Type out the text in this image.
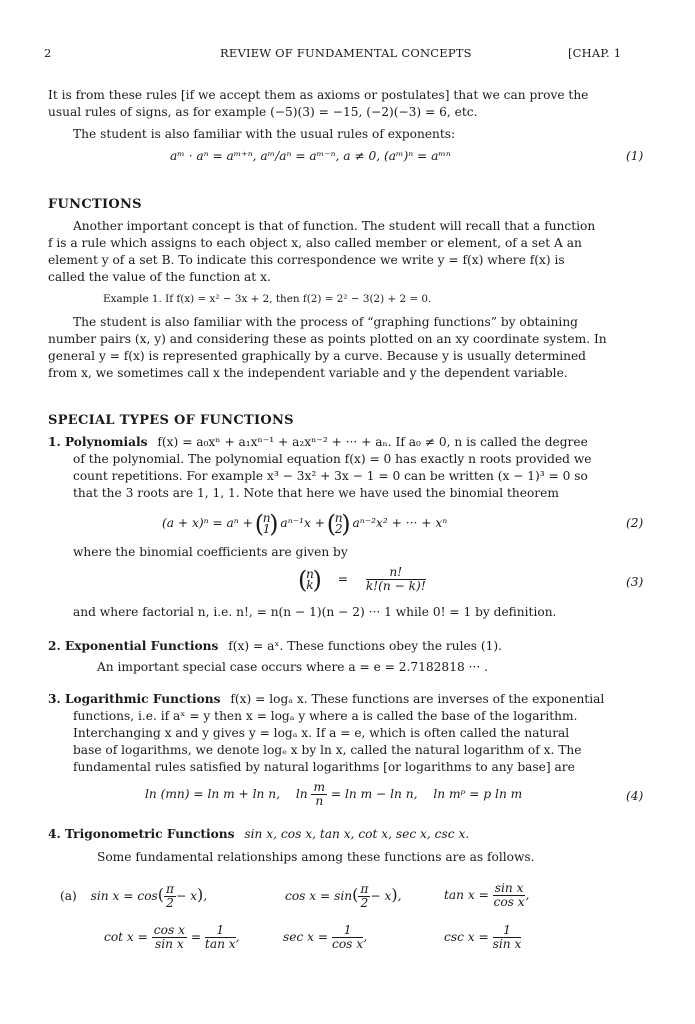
2	REVIEW OF FUNDAMENTAL CONCEPTS	[CHAP. 1
It is from these rules [if we accept them as axioms or postulates] that we can prove the
usual rules of signs, as for example (−5)(3) = −15, (−2)(−3) = 6, etc.
The student is also familiar with the usual rules of exponents:
aᵐ · aⁿ = aᵐ⁺ⁿ, aᵐ/aⁿ = aᵐ⁻ⁿ, a ≠ 0, (aᵐ)ⁿ = aᵐⁿ	(1)
FUNCTIONS
Another important concept is that of function. The student will recall that a function
f is a rule which assigns to each object x, also called member or element, of a set A an
element y of a set B. To indicate this correspondence we write y = f(x) where f(x) is
called the value of the function at x.
Example 1. If f(x) = x² − 3x + 2, then f(2) = 2² − 3(2) + 2 = 0.
The student is also familiar with the process of “graphing functions” by obtaining
number pairs (x, y) and considering these as points plotted on an xy coordinate system. In
general y = f(x) is represented graphically by a curve. Because y is usually determined
from x, we sometimes call x the independent variable and y the dependent variable.
SPECIAL TYPES OF FUNCTIONS
1. Polynomials f(x) = a₀xⁿ + a₁xⁿ⁻¹ + a₂xⁿ⁻² + ··· + aₙ. If a₀ ≠ 0, n is called the degree
of the polynomial. The polynomial equation f(x) = 0 has exactly n roots provided we
count repetitions. For example x³ − 3x² + 3x − 1 = 0 can be written (x − 1)³ = 0 so
that the 3 roots are 1, 1, 1. Note that here we have used the binomial theorem
(a + x)ⁿ = aⁿ + ( n
1
) aⁿ⁻¹x + ( n
2
) aⁿ⁻²x² + ··· + xⁿ	(2)
where the binomial coefficients are given by
( n
k
) = $\frac{n!}{k!(n - k)!}$	(3)
and where factorial n, i.e. n!, = n(n − 1)(n − 2) ··· 1 while 0! = 1 by definition.
2. Exponential Functions f(x) = aˣ. These functions obey the rules (1).
An important special case occurs where a = e = 2.7182818 ··· .
3. Logarithmic Functions f(x) = logₐ x. These functions are inverses of the exponential
functions, i.e. if aˣ = y then x = logₐ y where a is called the base of the logarithm.
Interchanging x and y gives y = logₐ x. If a = e, which is often called the natural
base of logarithms, we denote logₑ x by ln x, called the natural logarithm of x. The
fundamental rules satisfied by natural logarithms [or logarithms to any base] are
ln (mn) = ln m + ln n, $\ln \frac{m}{n} = \ln m - \ln n$, ln mᵖ = p ln m	(4)
4. Trigonometric Functions sin x, cos x, tan x, cot x, sec x, csc x.
Some fundamental relationships among these functions are as follows.
(a) $\sin x = \cos( \frac{\pi}{2} - x)$,	$\cos x = \sin( \frac{\pi}{2} - x)$,	$\tan x = \frac{\text{sin x}}{\text{cos x}}$ ,
$\cot x = \frac{\text{cos x}}{\text{sin x}} = \frac{1}{\text{tan x}}$ ,	$\sec x = \frac{1}{\text{cos x}}$ ,	$\csc x = \frac{1}{\text{sin x}}$
